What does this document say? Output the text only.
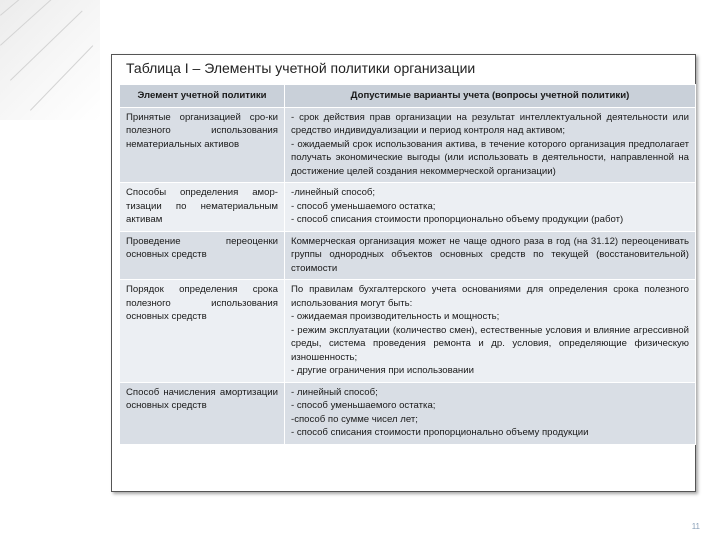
Таблица I – Элементы учетной политики организации
Элемент учетной политики	Допустимые варианты учета (вопросы учетной политики)
Принятые организацией сро-ки полезного использования нематериальных активов	- срок действия прав организации на результат интеллектуальной деятельности или средство индивидуализации и период контроля над активом;
- ожидаемый срок использования актива, в течение которого организация предполагает получать экономические выгоды (или использовать в деятельности, направленной на достижение целей создания некоммерческой организации)

Способы определения амор-тизации по нематериальным активам	-линейный способ;
- способ уменьшаемого остатка;
- способ списания стоимости пропорционально объему продукции (работ)

Проведение переоценки основных средств	Коммерческая организация может не чаще одного раза в год (на 31.12) переоценивать группы однородных объектов основных средств по текущей (восстановительной) стоимости

Порядок определения срока полезного использования основных средств	По правилам бухгалтерского учета основаниями для определения срока полезного использования могут быть:
- ожидаемая производительность и мощность;
- режим эксплуатации (количество смен), естественные условия и влияние агрессивной среды, система проведения ремонта и др. условия, определяющие физическую изношенность;
- другие ограничения при использовании

Способ начисления амортизации основных средств	- линейный способ;
- способ уменьшаемого остатка;
-способ по сумме чисел лет;
- способ списания стоимости пропорционально объему продукции
11
